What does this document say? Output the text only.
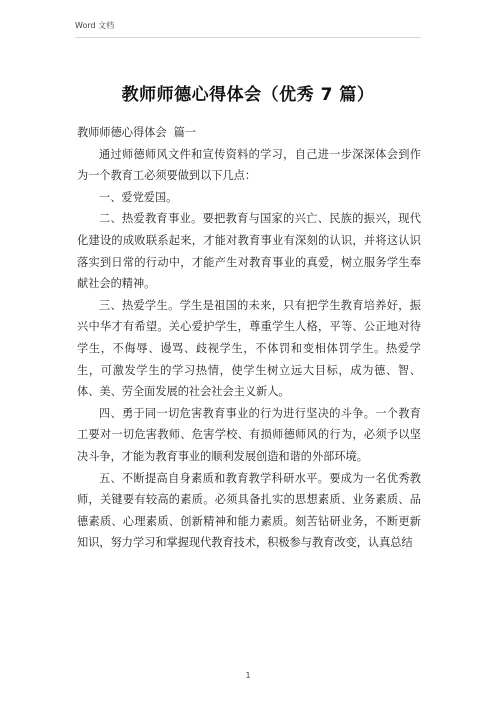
Word 文档
教师师德心得体会（优秀 7 篇）

教师师德心得体会  篇一

通过师德师风文件和宣传资料的学习，自己进一步深深体会到作为一个教育工必须要做到以下几点：

一、爱党爱国。

二、热爱教育事业。要把教育与国家的兴亡、民族的振兴，现代化建设的成败联系起来，才能对教育事业有深刻的认识，并将这认识落实到日常的行动中，才能产生对教育事业的真爱，树立服务学生奉献社会的精神。

三、热爱学生。学生是祖国的未来，只有把学生教育培养好，振兴中华才有希望。关心爱护学生，尊重学生人格，平等、公正地对待学生，不侮辱、谩骂、歧视学生，不体罚和变相体罚学生。热爱学生，可激发学生的学习热情，使学生树立远大目标，成为德、智、体、美、劳全面发展的社会社会主义新人。

四、勇于同一切危害教育事业的行为进行坚决的斗争。一个教育工要对一切危害教师、危害学校、有损师德师风的行为，必须予以坚决斗争，才能为教育事业的顺利发展创造和谐的外部环境。

五、不断提高自身素质和教育教学科研水平。要成为一名优秀教师，关键要有较高的素质。必须具备扎实的思想素质、业务素质、品德素质、心理素质、创新精神和能力素质。刻苦钻研业务，不断更新知识，努力学习和掌握现代教育技术，积极参与教育改变，认真总结

1
